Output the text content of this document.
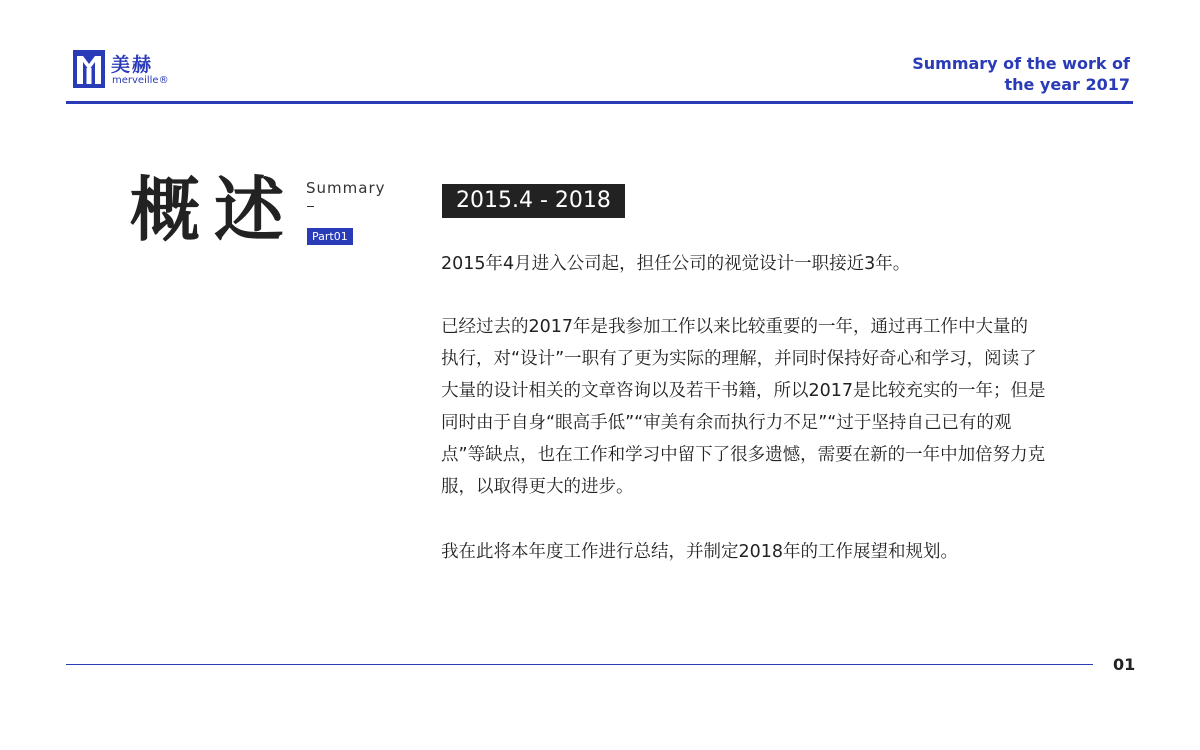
美赫
merveille®
Summary of the work of
the year 2017
概述 Summary
Part01
2015.4 - 2018

2015年4月进入公司起，担任公司的视觉设计一职接近3年。

已经过去的2017年是我参加工作以来比较重要的一年，通过再工作中大量的
执行，对“设计”一职有了更为实际的理解，并同时保持好奇心和学习，阅读了
大量的设计相关的文章咨询以及若干书籍，所以2017是比较充实的一年；但是
同时由于自身“眼高手低”“审美有余而执行力不足”“过于坚持自己已有的观
点”等缺点，也在工作和学习中留下了很多遗憾，需要在新的一年中加倍努力克
服，以取得更大的进步。

我在此将本年度工作进行总结，并制定2018年的工作展望和规划。

01
